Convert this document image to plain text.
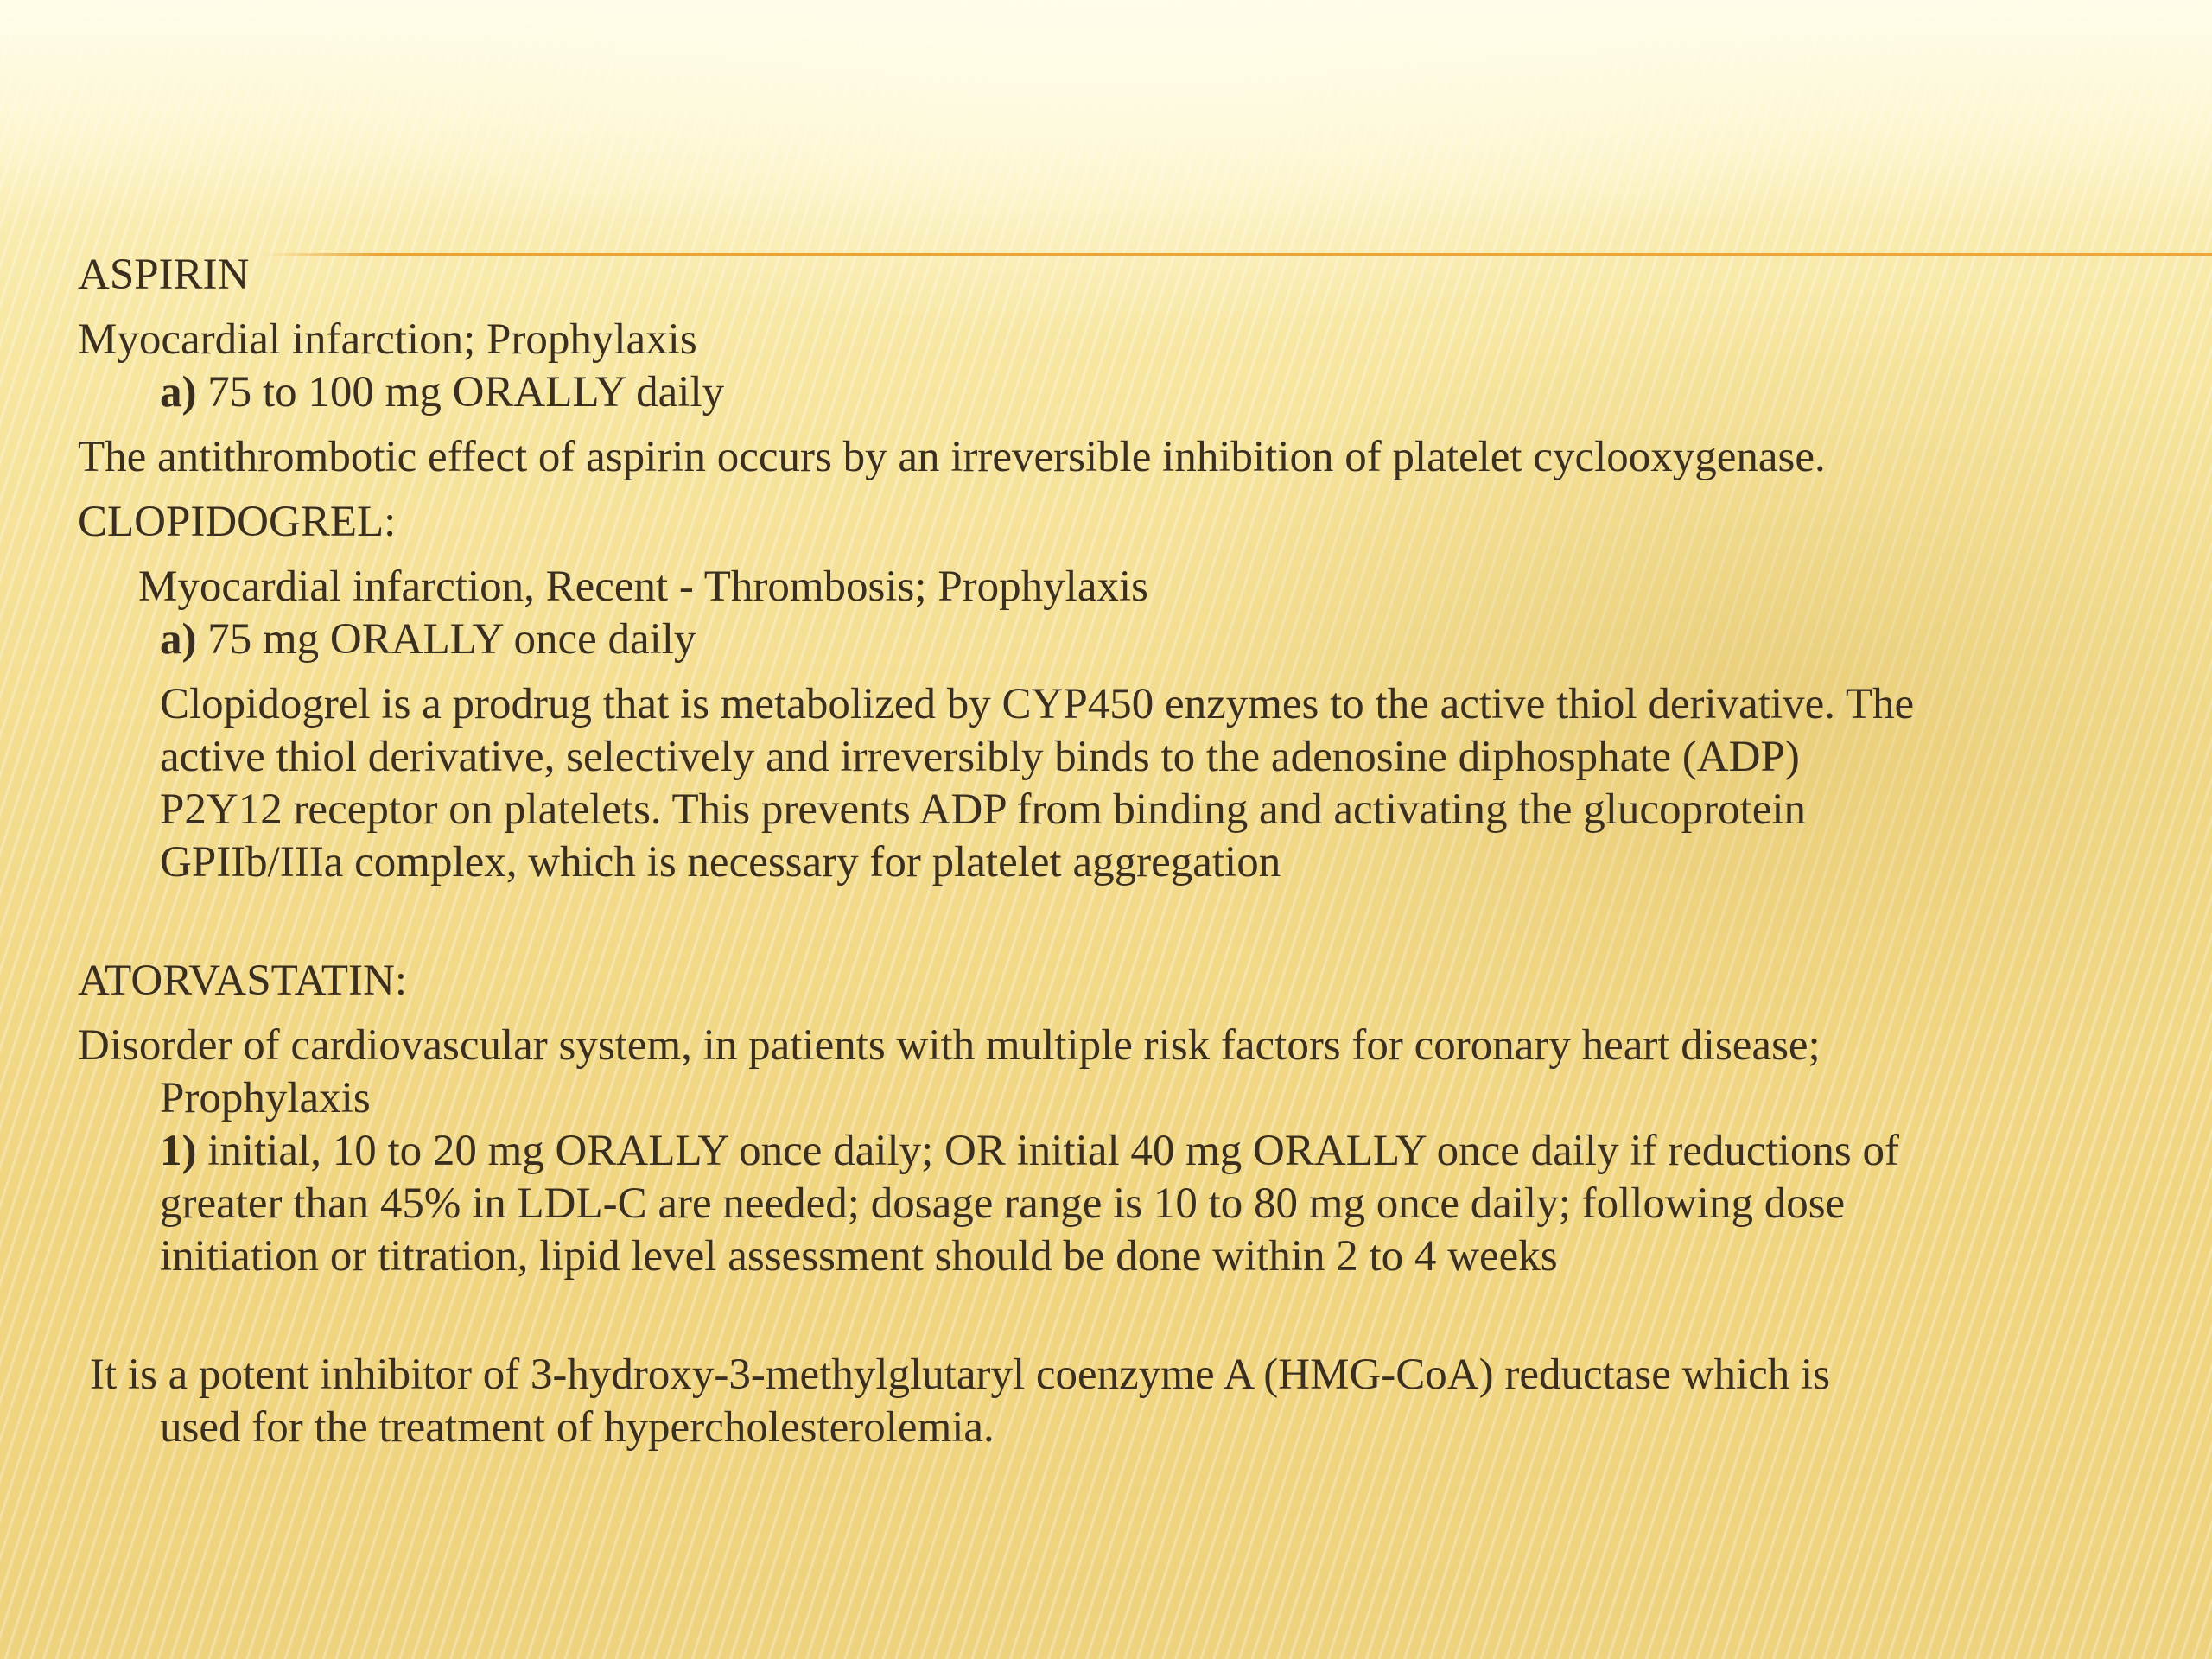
ASPIRIN

Myocardial infarction; Prophylaxis

a) 75 to 100 mg ORALLY daily

The antithrombotic effect of aspirin occurs by an irreversible inhibition of platelet cyclooxygenase.

CLOPIDOGREL:

Myocardial infarction, Recent - Thrombosis; Prophylaxis

a) 75 mg ORALLY once daily

Clopidogrel is a prodrug that is metabolized by CYP450 enzymes to the active thiol derivative. The

active thiol derivative, selectively and irreversibly binds to the adenosine diphosphate (ADP)

P2Y12 receptor on platelets. This prevents ADP from binding and activating the glucoprotein

GPIIb/IIIa complex, which is necessary for platelet aggregation

ATORVASTATIN:

Disorder of cardiovascular system, in patients with multiple risk factors for coronary heart disease;

Prophylaxis

1) initial, 10 to 20 mg ORALLY once daily; OR initial 40 mg ORALLY once daily if reductions of

greater than 45% in LDL-C are needed; dosage range is 10 to 80 mg once daily; following dose

initiation or titration, lipid level assessment should be done within 2 to 4 weeks

It is a potent inhibitor of 3-hydroxy-3-methylglutaryl coenzyme A (HMG-CoA) reductase which is

used for the treatment of hypercholesterolemia.
